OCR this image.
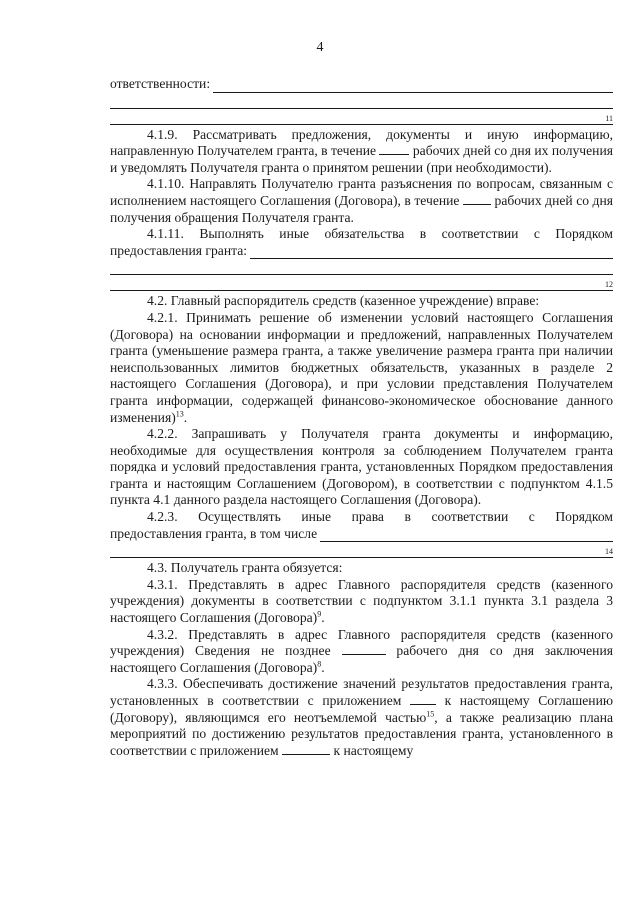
4
ответственности:
11

4.1.9. Рассматривать предложения, документы и иную информацию, направленную Получателем гранта, в течение  рабочих дней со дня их получения и уведомлять Получателя гранта о принятом решении (при необходимости).

4.1.10. Направлять Получателю гранта разъяснения по вопросам, связанным с исполнением настоящего Соглашения (Договора), в течение  рабочих дней со дня получения обращения Получателя гранта.

4.1.11. Выполнять иные обязательства в соответствии с Порядком

предоставления гранта:
12

4.2. Главный распорядитель средств (казенное учреждение) вправе:

4.2.1. Принимать решение об изменении условий настоящего Соглашения (Договора) на основании информации и предложений, направленных Получателем гранта (уменьшение размера гранта, а также увеличение размера гранта при наличии неиспользованных лимитов бюджетных обязательств, указанных в разделе 2 настоящего Соглашения (Договора), и при условии представления Получателем гранта информации, содержащей финансово-экономическое обоснование данного изменения)$^{13}$.

4.2.2. Запрашивать у Получателя гранта документы и информацию, необходимые для осуществления контроля за соблюдением Получателем гранта порядка и условий предоставления гранта, установленных Порядком предоставления гранта и настоящим Соглашением (Договором), в соответствии с подпунктом 4.1.5 пункта 4.1 данного раздела настоящего Соглашения (Договора).

4.2.3. Осуществлять иные права в соответствии с Порядком

предоставления гранта, в том числе
14

4.3. Получатель гранта обязуется:

4.3.1. Представлять в адрес Главного распорядителя средств (казенного учреждения) документы в соответствии с подпунктом 3.1.1 пункта 3.1 раздела 3 настоящего Соглашения (Договора)$^9$.

4.3.2. Представлять в адрес Главного распорядителя средств (казенного учреждения) Сведения не позднее	рабочего дня со дня заключения настоящего Соглашения (Договора)$^8$.

4.3.3. Обеспечивать достижение значений результатов предоставления гранта, установленных в соответствии с приложением  к настоящему Соглашению (Договору), являющимся его неотъемлемой частью$^{15}$, а также реализацию плана мероприятий по достижению результатов предоставления гранта, установленного в соответствии с приложением	к настоящему
